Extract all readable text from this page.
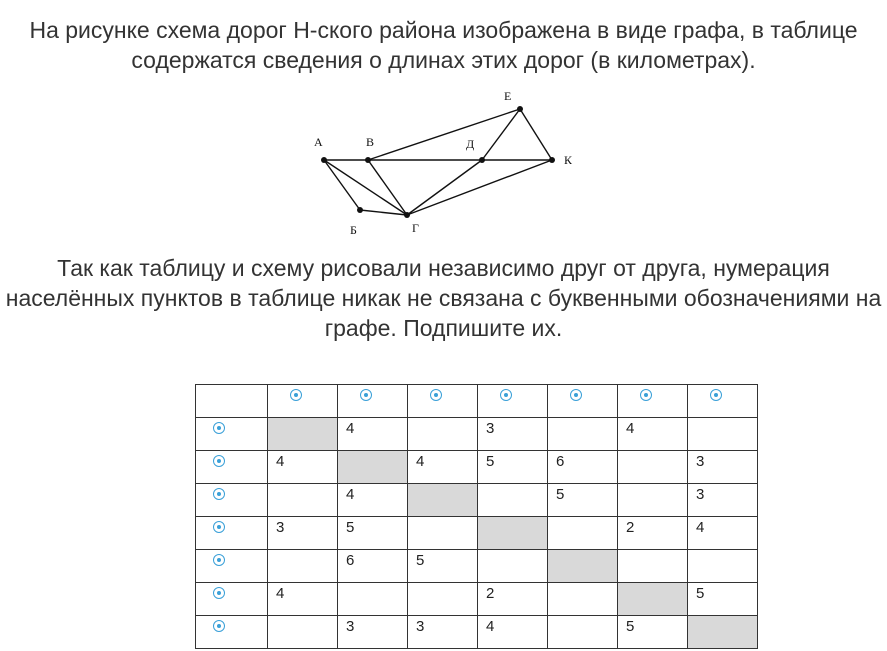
На рисунке схема дорог Н-ского района изображена в виде графа, в таблице содержатся сведения о длинах этих дорог (в километрах).

А	В
Е
Д
К
Б	Г

Так как таблицу и схему рисовали независимо друг от друга, нумерация населённых пунктов в таблице никак не связана с буквенными обозначениями на графе. Подпишите их.

		4		3		4	
	4		4	5	6		3
		4			5		3
	3	5				2	4
		6	5				
	4			2			5
		3	3	4		5	
